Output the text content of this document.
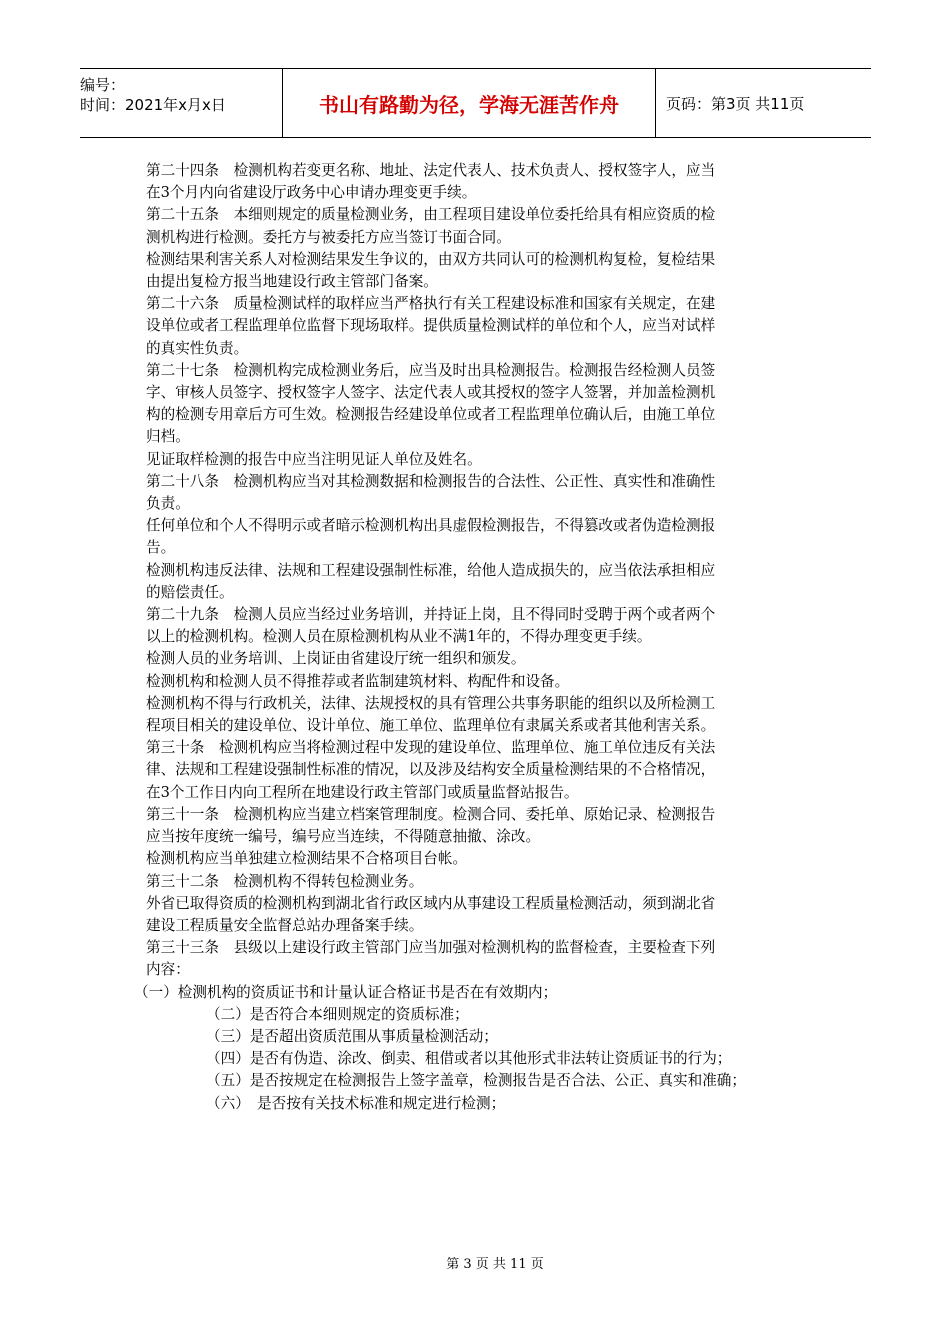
编号：
时间：2021年x月x日	书山有路勤为径，学海无涯苦作舟	页码：第3页 共11页

第二十四条　检测机构若变更名称、地址、法定代表人、技术负责人、授权签字人，应当

在3个月内向省建设厅政务中心申请办理变更手续。

第二十五条　本细则规定的质量检测业务，由工程项目建设单位委托给具有相应资质的检

测机构进行检测。委托方与被委托方应当签订书面合同。

检测结果利害关系人对检测结果发生争议的，由双方共同认可的检测机构复检，复检结果

由提出复检方报当地建设行政主管部门备案。

第二十六条　质量检测试样的取样应当严格执行有关工程建设标准和国家有关规定，在建

设单位或者工程监理单位监督下现场取样。提供质量检测试样的单位和个人，应当对试样

的真实性负责。

第二十七条　检测机构完成检测业务后，应当及时出具检测报告。检测报告经检测人员签

字、审核人员签字、授权签字人签字、法定代表人或其授权的签字人签署，并加盖检测机

构的检测专用章后方可生效。检测报告经建设单位或者工程监理单位确认后，由施工单位

归档。

见证取样检测的报告中应当注明见证人单位及姓名。

第二十八条　检测机构应当对其检测数据和检测报告的合法性、公正性、真实性和准确性

负责。

任何单位和个人不得明示或者暗示检测机构出具虚假检测报告，不得篡改或者伪造检测报

告。

检测机构违反法律、法规和工程建设强制性标准，给他人造成损失的，应当依法承担相应

的赔偿责任。

第二十九条　检测人员应当经过业务培训，并持证上岗，且不得同时受聘于两个或者两个

以上的检测机构。检测人员在原检测机构从业不满1年的，不得办理变更手续。

检测人员的业务培训、上岗证由省建设厅统一组织和颁发。

检测机构和检测人员不得推荐或者监制建筑材料、构配件和设备。

检测机构不得与行政机关，法律、法规授权的具有管理公共事务职能的组织以及所检测工

程项目相关的建设单位、设计单位、施工单位、监理单位有隶属关系或者其他利害关系。

第三十条　检测机构应当将检测过程中发现的建设单位、监理单位、施工单位违反有关法

律、法规和工程建设强制性标准的情况，以及涉及结构安全质量检测结果的不合格情况，

在3个工作日内向工程所在地建设行政主管部门或质量监督站报告。

第三十一条　检测机构应当建立档案管理制度。检测合同、委托单、原始记录、检测报告

应当按年度统一编号，编号应当连续，不得随意抽撤、涂改。

检测机构应当单独建立检测结果不合格项目台帐。

第三十二条　检测机构不得转包检测业务。

外省已取得资质的检测机构到湖北省行政区域内从事建设工程质量检测活动，须到湖北省

建设工程质量安全监督总站办理备案手续。

第三十三条　县级以上建设行政主管部门应当加强对检测机构的监督检查，主要检查下列

内容：

（一）检测机构的资质证书和计量认证合格证书是否在有效期内；

（二）是否符合本细则规定的资质标准；

（三）是否超出资质范围从事质量检测活动；

（四）是否有伪造、涂改、倒卖、租借或者以其他形式非法转让资质证书的行为；

（五）是否按规定在检测报告上签字盖章，检测报告是否合法、公正、真实和准确；

（六）　是否按有关技术标准和规定进行检测；

第 3 页 共 11 页
